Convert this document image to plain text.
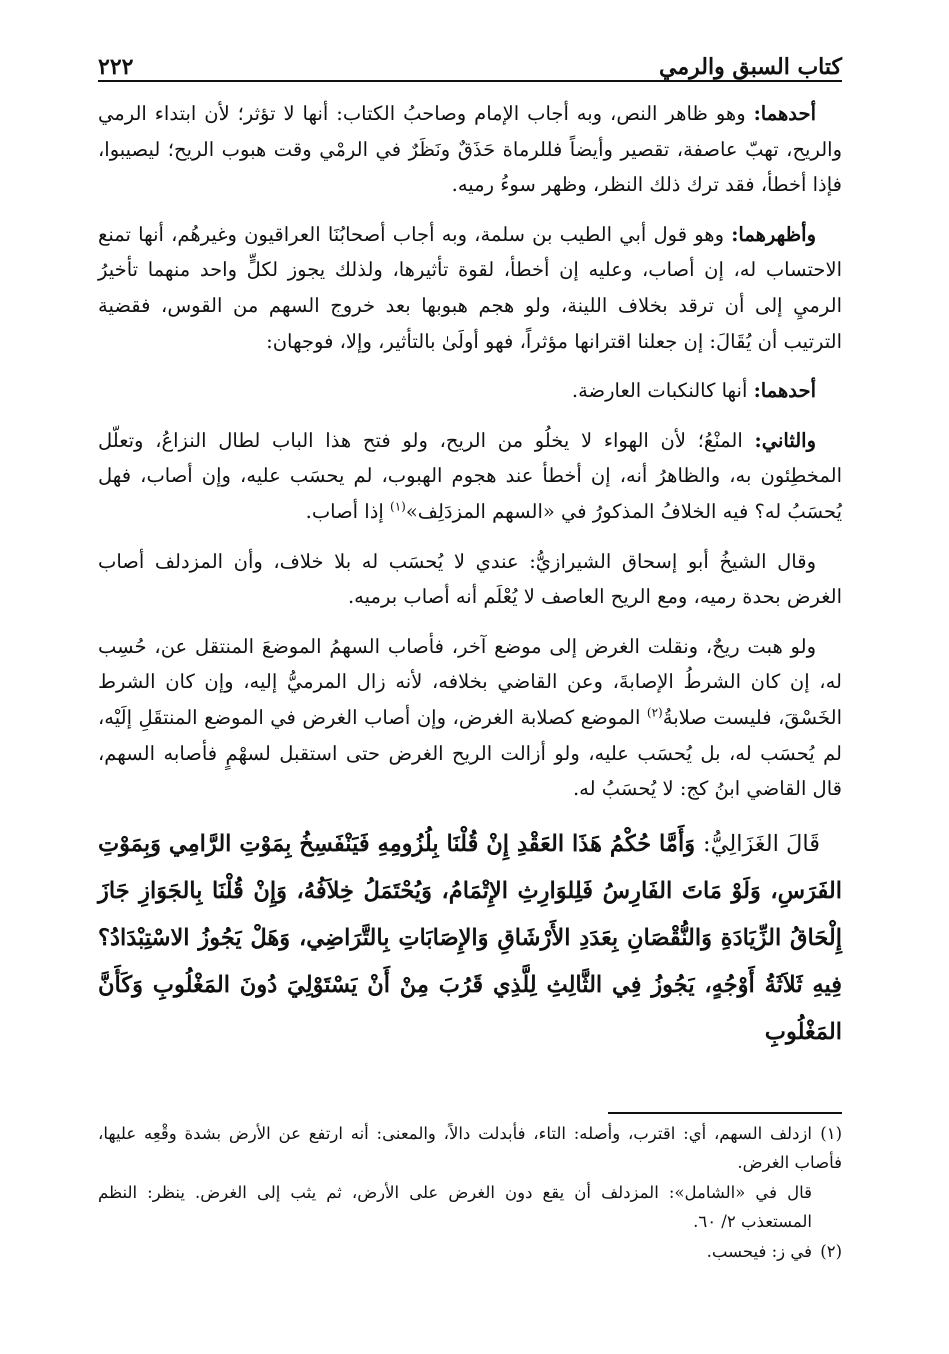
كتاب السبق والرمي
٢٢٢

أحدهما: وهو ظاهر النص، وبه أجاب الإمام وصاحبُ الكتاب: أنها لا تؤثر؛ لأن ابتداء الرمي والريح، تهبّ عاصفة، تقصير وأيضاً فللرماة حَذَقٌ ونَظَرٌ في الرمْي وقت هبوب الريح؛ ليصيبوا، فإذا أخطأ، فقد ترك ذلك النظر، وظهر سوءُ رميه.

وأظهرهما: وهو قول أبي الطيب بن سلمة، وبه أجاب أصحابُنَا العراقيون وغيرهُم، أنها تمنع الاحتساب له، إن أصاب، وعليه إن أخطأ، لقوة تأثيرها، ولذلك يجوز لكلٍّ واحد منهما تأخيرُ الرميِ إلى أن ترقد بخلاف اللينة، ولو هجم هبوبها بعد خروج السهم من القوس، فقضية الترتيب أن يُقَالَ: إن جعلنا اقترانها مؤثراً، فهو أولَىٰ بالتأثير، وإلا، فوجهان:

أحدهما: أنها كالنكبات العارضة.

والثاني: المنْعُ؛ لأن الهواء لا يخلُو من الريح، ولو فتح هذا الباب لطال النزاعُ، وتعلّل المخطِئون به، والظاهرُ أنه، إن أخطأ عند هجوم الهبوب، لم يحسَب عليه، وإن أصاب، فهل يُحسَبُ له؟ فيه الخلافُ المذكورُ في «السهم المزدَلِف»$^{(١)}$ إذا أصاب.

وقال الشيخُ أبو إسحاق الشيرازيُّ: عندي لا يُحسَب له بلا خلاف، وأن المزدلف أصاب الغرض بحدة رميه، ومع الريح العاصف لا يُعْلَم أنه أصاب برميه.

ولو هبت ريحٌ، ونقلت الغرض إلى موضع آخر، فأصاب السهمُ الموضعَ المنتقل عن، حُسِب له، إن كان الشرطُ الإصابةَ، وعن القاضي بخلافه، لأنه زال المرميُّ إليه، وإن كان الشرط الخَسْقَ، فليست صلابةُ$^{(٢)}$ الموضع كصلابة الغرض، وإن أصاب الغرض في الموضع المنتقَلِ إلَيْه، لم يُحسَب له، بل يُحسَب عليه، ولو أزالت الريح الغرض حتى استقبل لسهْمٍ فأصابه السهم، قال القاضي ابنُ كج: لا يُحسَبُ له.

قَالَ الغَزَالِيُّ: وَأَمَّا حُكْمُ هَذَا العَقْدِ إِنْ قُلْنَا بِلُزُومِهِ فَيَنْفَسِخُ بِمَوْتِ الرَّامِي وَبِمَوْتِ الفَرَسِ، وَلَوْ مَاتَ الفَارِسُ فَلِلوَارِثِ الإِتْمَامُ، وَيُحْتَمَلُ خِلاَفُهُ، وَإِنْ قُلْنَا بِالجَوَازِ جَازَ إِلْحَاقُ الزِّيَادَةِ وَالنُّقْصَانِ بِعَدَدِ الأَرْشَاقِ وَالإِصَابَاتِ بِالتَّرَاضِي، وَهَلْ يَجُوزُ الاسْتِبْدَادُ؟ فِيهِ ثَلاَثَةُ أَوْجُهٍ، يَجُوزُ فِي الثَّالِثِ لِلَّذِي قَرُبَ مِنْ أَنْ يَسْتَوْلِيَ دُونَ المَغْلُوبِ وَكَأَنَّ المَغْلُوبِ

(١)ازدلف السهم، أي: اقترب، وأصله: التاء، فأبدلت دالاً، والمعنى: أنه ارتفع عن الأرض بشدة وقْعِه عليها، فأصاب الغرض.

قال في «الشامل»: المزدلف أن يقع دون الغرض على الأرض، ثم يثب إلى الغرض. ينظر: النظم المستعذب ٢/ ٦٠.

(٢)في ز: فيحسب.
